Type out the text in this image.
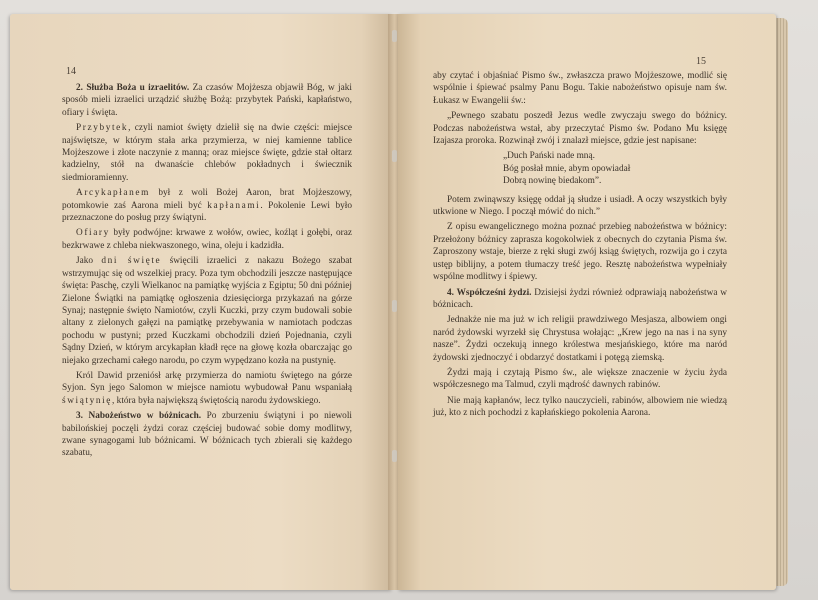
14

2. Służba Boża u izraelitów. Za czasów Mojżesza objawił Bóg, w jaki sposób mieli izraelici urządzić służbę Bożą: przybytek Pański, kapłaństwo, ofiary i święta.

Przybytek, czyli namiot święty dzielił się na dwie części: miejsce najświętsze, w którym stała arka przymierza, w niej kamienne tablice Mojżeszowe i złote naczynie z manną; oraz miejsce święte, gdzie stał ołtarz kadzielny, stół na dwanaście chlebów pokładnych i świecznik siedmioramienny.

Arcykapłanem był z woli Bożej Aaron, brat Mojżeszowy, potomkowie zaś Aarona mieli być kapłanami. Pokolenie Lewi było przeznaczone do posług przy świątyni.

Ofiary były podwójne: krwawe z wołów, owiec, koźląt i gołębi, oraz bezkrwawe z chleba niekwaszonego, wina, oleju i kadzidła.

Jako dni święte święcili izraelici z nakazu Bożego szabat wstrzymując się od wszelkiej pracy. Poza tym obchodzili jeszcze następujące święta: Paschę, czyli Wielkanoc na pamiątkę wyjścia z Egiptu; 50 dni później Zielone Świątki na pamiątkę ogłoszenia dziesięciorga przykazań na górze Synaj; następnie święto Namiotów, czyli Kuczki, przy czym budowali sobie altany z zielonych gałęzi na pamiątkę przebywania w namiotach podczas pochodu w pustyni; przed Kuczkami obchodzili dzień Pojednania, czyli Sądny Dzień, w którym arcykapłan kładł ręce na głowę kozła obarczając go niejako grzechami całego narodu, po czym wypędzano kozła na pustynię.

Król Dawid przeniósł arkę przymierza do namiotu świętego na górze Syjon. Syn jego Salomon w miejsce namiotu wybudował Panu wspaniałą świątynię, która była największą świętością narodu żydowskiego.

3. Nabożeństwo w bóżnicach. Po zburzeniu świątyni i po niewoli babilońskiej poczęli żydzi coraz częściej budować sobie domy modlitwy, zwane synagogami lub bóżnicami. W bóżnicach tych zbierali się każdego szabatu,

15

aby czytać i objaśniać Pismo św., zwłaszcza prawo Mojżeszowe, modlić się wspólnie i śpiewać psalmy Panu Bogu. Takie nabożeństwo opisuje nam św. Łukasz w Ewangelii św.:

„Pewnego szabatu poszedł Jezus wedle zwyczaju swego do bóżnicy. Podczas nabożeństwa wstał, aby przeczytać Pismo św. Podano Mu księgę Izajasza proroka. Rozwinął zwój i znalazł miejsce, gdzie jest napisane:

„Duch Pański nade mną.
Bóg posłał mnie, abym opowiadał
Dobrą nowinę biedakom”.

Potem zwinąwszy księgę oddał ją słudze i usiadł. A oczy wszystkich były utkwione w Niego. I począł mówić do nich.”

Z opisu ewangelicznego można poznać przebieg nabożeństwa w bóżnicy: Przełożony bóżnicy zaprasza kogokolwiek z obecnych do czytania Pisma św. Zaproszony wstaje, bierze z ręki sługi zwój ksiąg świętych, rozwija go i czyta ustęp biblijny, a potem tłumaczy treść jego. Resztę nabożeństwa wypełniały wspólne modlitwy i śpiewy.

4. Współcześni żydzi. Dzisiejsi żydzi również odprawiają nabożeństwa w bóżnicach.

Jednakże nie ma już w ich religii prawdziwego Mesjasza, albowiem ongi naród żydowski wyrzekł się Chrystusa wołając: „Krew jego na nas i na syny nasze”. Żydzi oczekują innego królestwa mesjańskiego, które ma naród żydowski zjednoczyć i obdarzyć dostatkami i potęgą ziemską.

Żydzi mają i czytają Pismo św., ale większe znaczenie w życiu żyda współczesnego ma Talmud, czyli mądrość dawnych rabinów.

Nie mają kapłanów, lecz tylko nauczycieli, rabinów, albowiem nie wiedzą już, kto z nich pochodzi z kapłańskiego pokolenia Aarona.
